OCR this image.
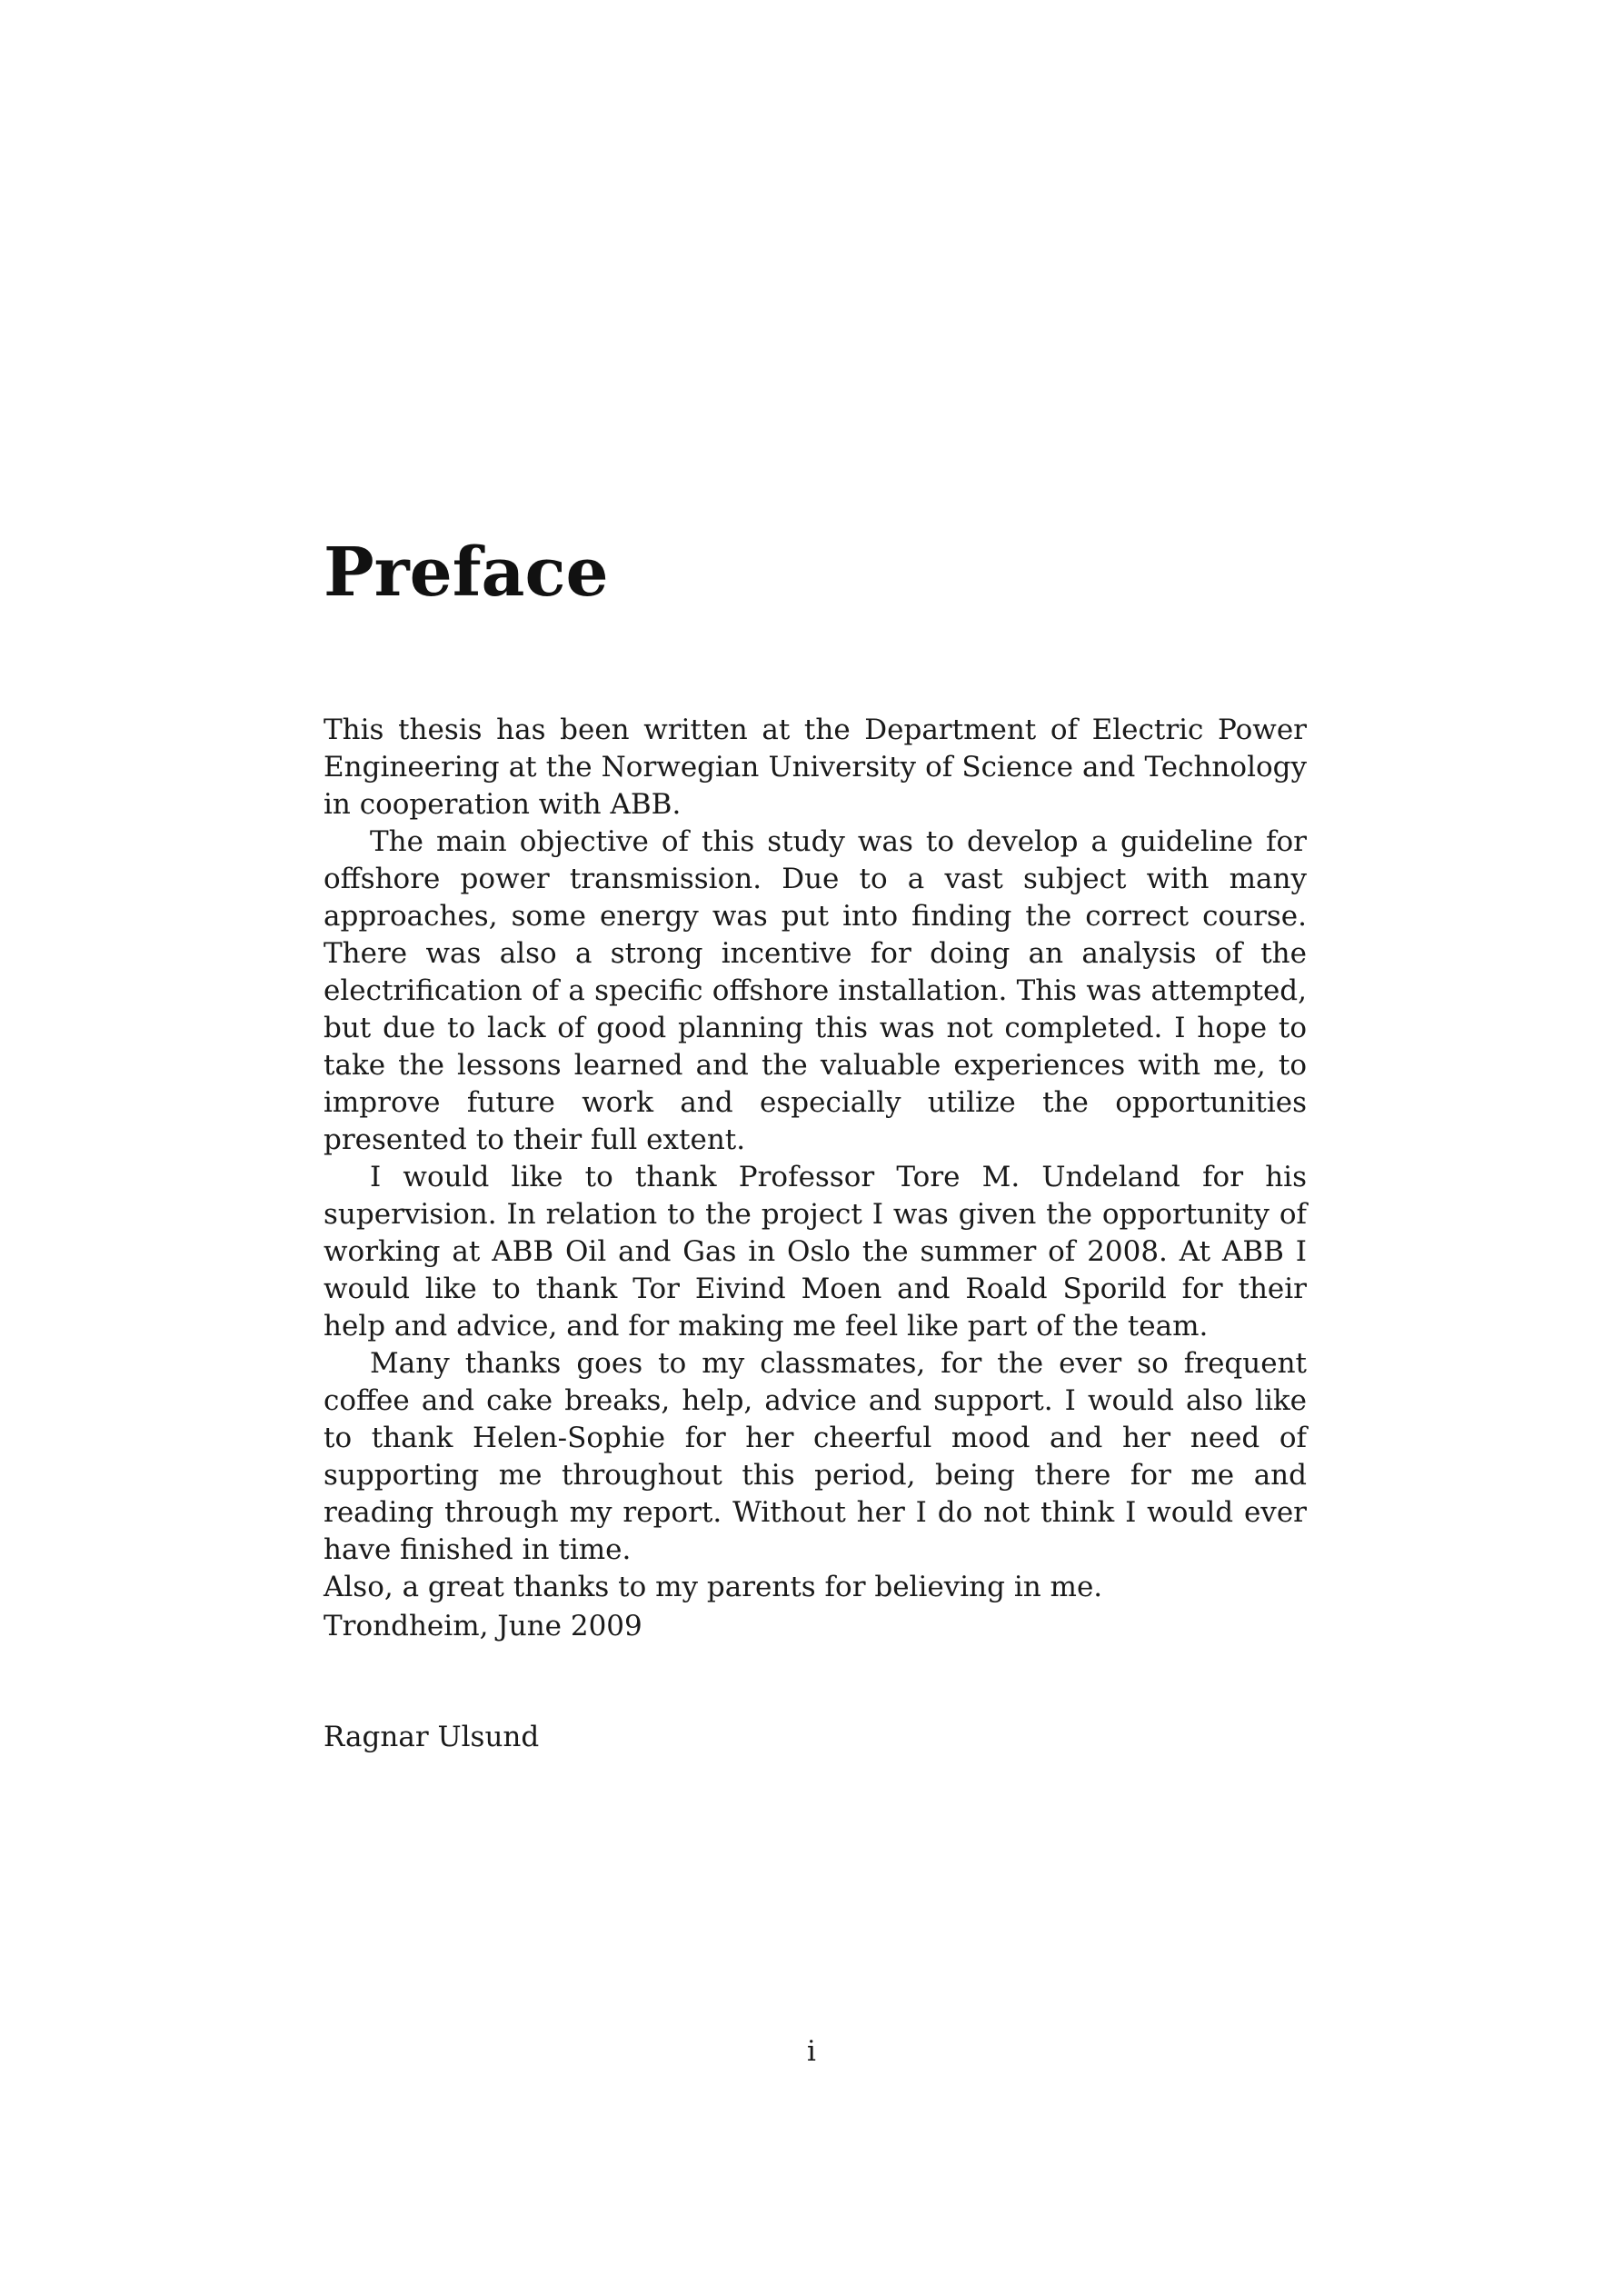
Preface

This thesis has been written at the Department of Electric Power Engineering at the Norwegian University of Science and Technology in cooperation with ABB.

The main objective of this study was to develop a guideline for offshore power transmission. Due to a vast subject with many approaches, some energy was put into finding the correct course. There was also a strong incentive for doing an analysis of the electrification of a specific offshore installation. This was attempted, but due to lack of good planning this was not completed. I hope to take the lessons learned and the valuable experiences with me, to improve future work and especially utilize the opportunities presented to their full extent.

I would like to thank Professor Tore M. Undeland for his supervision. In relation to the project I was given the opportunity of working at ABB Oil and Gas in Oslo the summer of 2008. At ABB I would like to thank Tor Eivind Moen and Roald Sporild for their help and advice, and for making me feel like part of the team.

Many thanks goes to my classmates, for the ever so frequent coffee and cake breaks, help, advice and support. I would also like to thank Helen-Sophie for her cheerful mood and her need of supporting me throughout this period, being there for me and reading through my report. Without her I do not think I would ever have finished in time.

Also, a great thanks to my parents for believing in me.

Trondheim, June 2009
Ragnar Ulsund
i
